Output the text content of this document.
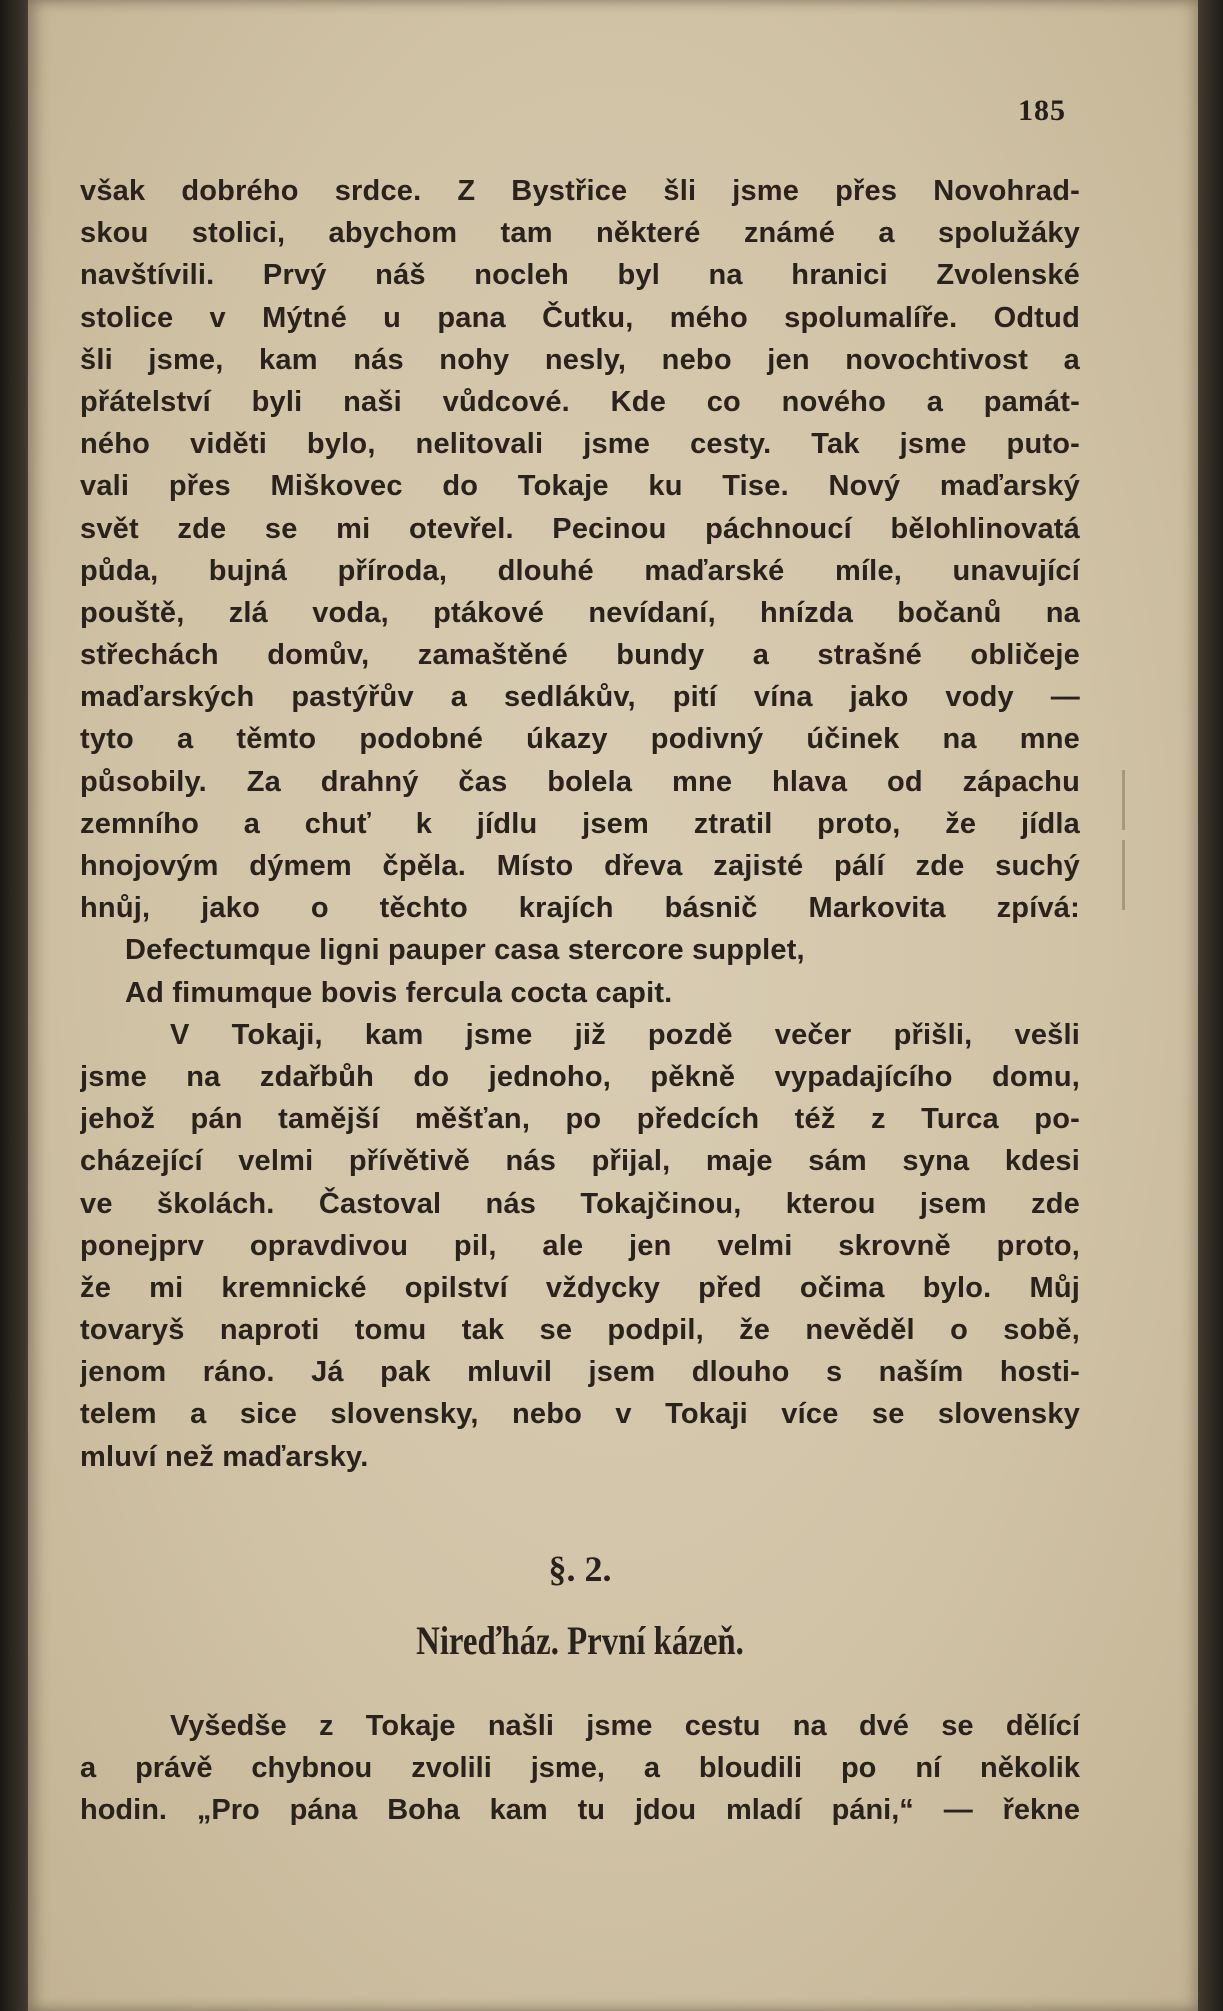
185
však dobrého srdce. Z Bystřice šli jsme přes Novohrad-
skou stolici, abychom tam některé známé a spolužáky
navštívili. Prvý náš nocleh byl na hranici Zvolenské
stolice v Mýtné u pana Čutku, mého spolumalíře. Odtud
šli jsme, kam nás nohy nesly, nebo jen novochtivost a
přátelství byli naši vůdcové. Kde co nového a památ-
ného viděti bylo, nelitovali jsme cesty. Tak jsme puto-
vali přes Miškovec do Tokaje ku Tise. Nový maďarský
svět zde se mi otevřel. Pecinou páchnoucí bělohlinovatá
půda, bujná příroda, dlouhé maďarské míle, unavující
pouště, zlá voda, ptákové nevídaní, hnízda bočanů na
střechách domův, zamaštěné bundy a strašné obličeje
maďarských pastýřův a sedlákův, pití vína jako vody —
tyto a těmto podobné úkazy podivný účinek na mne
působily. Za drahný čas bolela mne hlava od zápachu
zemního a chuť k jídlu jsem ztratil proto, že jídla
hnojovým dýmem čpěla. Místo dřeva zajisté pálí zde suchý
hnůj, jako o těchto krajích básnič Markovita zpívá:
Defectumque ligni pauper casa stercore supplet,
Ad fimumque bovis fercula cocta capit.
V Tokaji, kam jsme již pozdě večer přišli, vešli
jsme na zdařbůh do jednoho, pěkně vypadajícího domu,
jehož pán tamější měšťan, po předcích též z Turca po-
cházející velmi přívětivě nás přijal, maje sám syna kdesi
ve školách. Častoval nás Tokajčinou, kterou jsem zde
ponejprv opravdivou pil, ale jen velmi skrovně proto,
že mi kremnické opilství vždycky před očima bylo. Můj
tovaryš naproti tomu tak se podpil, že nevěděl o sobě,
jenom ráno. Já pak mluvil jsem dlouho s naším hosti-
telem a sice slovensky, nebo v Tokaji více se slovensky
mluví než maďarsky.
§. 2.
Nireďház. První kázeň.
Vyšedše z Tokaje našli jsme cestu na dvé se dělící
a právě chybnou zvolili jsme, a bloudili po ní několik
hodin. „Pro pána Boha kam tu jdou mladí páni,“ — řekne
